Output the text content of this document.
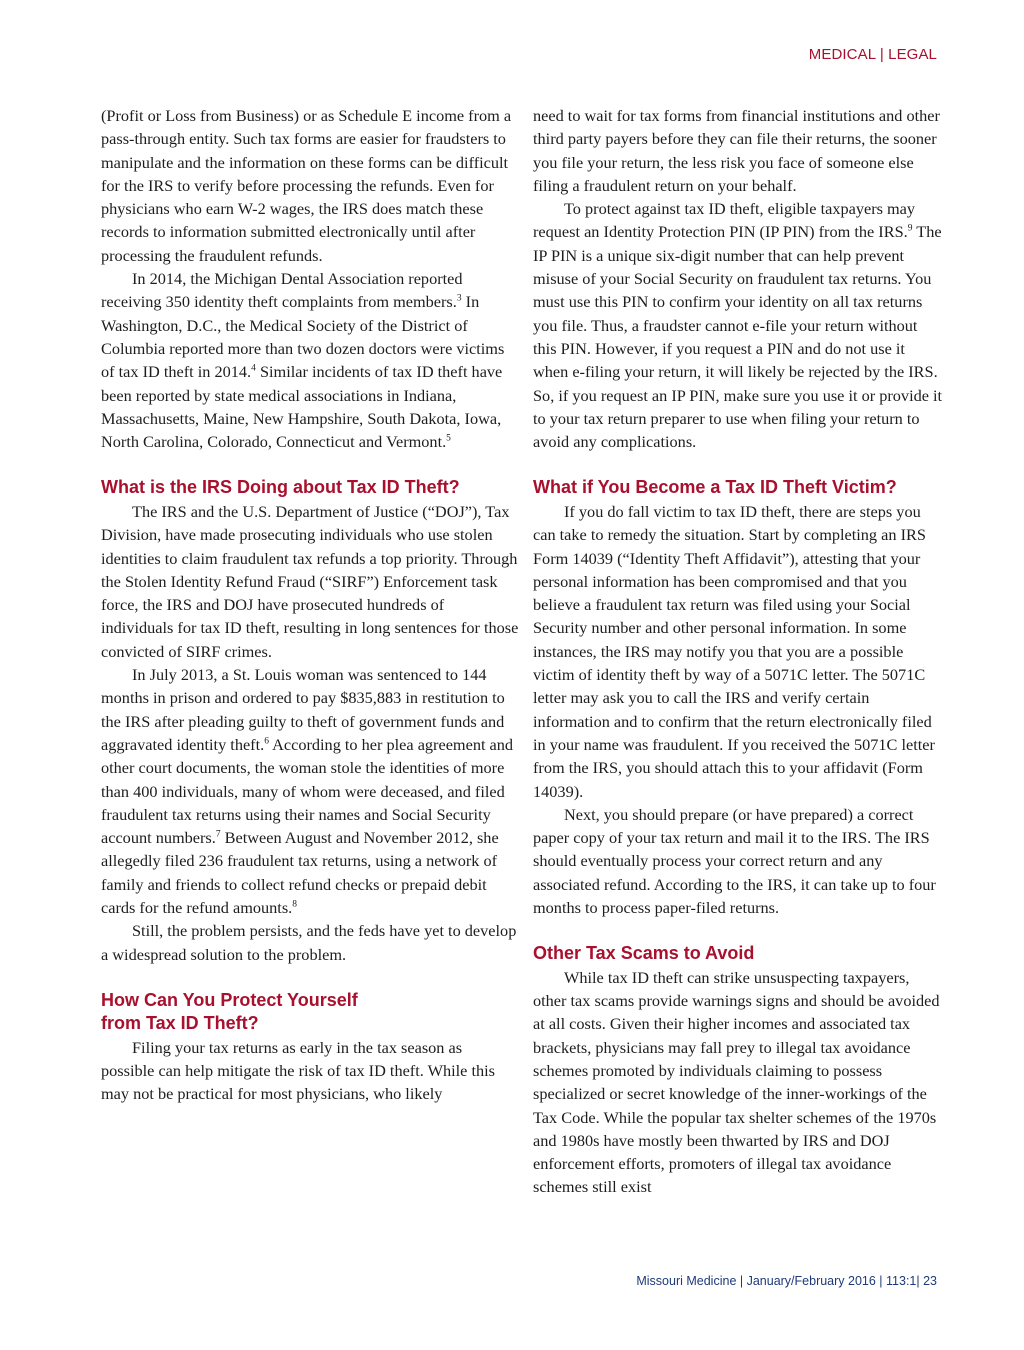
MEDICAL | LEGAL

(Profit or Loss from Business) or as Schedule E income from a pass-through entity. Such tax forms are easier for fraudsters to manipulate and the information on these forms can be difficult for the IRS to verify before processing the refunds. Even for physicians who earn W-2 wages, the IRS does match these records to information submitted electronically until after processing the fraudulent refunds.

In 2014, the Michigan Dental Association reported receiving 350 identity theft complaints from members.$^3$ In Washington, D.C., the Medical Society of the District of Columbia reported more than two dozen doctors were victims of tax ID theft in 2014.$^4$ Similar incidents of tax ID theft have been reported by state medical associations in Indiana, Massachusetts, Maine, New Hampshire, South Dakota, Iowa, North Carolina, Colorado, Connecticut and Vermont.$^5$

What is the IRS Doing about Tax ID Theft?

The IRS and the U.S. Department of Justice (“DOJ”), Tax Division, have made prosecuting individuals who use stolen identities to claim fraudulent tax refunds a top priority. Through the Stolen Identity Refund Fraud (“SIRF”) Enforcement task force, the IRS and DOJ have prosecuted hundreds of individuals for tax ID theft, resulting in long sentences for those convicted of SIRF crimes.

In July 2013, a St. Louis woman was sentenced to 144 months in prison and ordered to pay $835,883 in restitution to the IRS after pleading guilty to theft of government funds and aggravated identity theft.$^6$ According to her plea agreement and other court documents, the woman stole the identities of more than 400 individuals, many of whom were deceased, and filed fraudulent tax returns using their names and Social Security account numbers.$^7$ Between August and November 2012, she allegedly filed 236 fraudulent tax returns, using a network of family and friends to collect refund checks or prepaid debit cards for the refund amounts.$^8$

Still, the problem persists, and the feds have yet to develop a widespread solution to the problem.

How Can You Protect Yourself
from Tax ID Theft?

Filing your tax returns as early in the tax season as possible can help mitigate the risk of tax ID theft. While this may not be practical for most physicians, who likely

need to wait for tax forms from financial institutions and other third party payers before they can file their returns, the sooner you file your return, the less risk you face of someone else filing a fraudulent return on your behalf.

To protect against tax ID theft, eligible taxpayers may request an Identity Protection PIN (IP PIN) from the IRS.$^9$ The IP PIN is a unique six-digit number that can help prevent misuse of your Social Security on fraudulent tax returns. You must use this PIN to confirm your identity on all tax returns you file. Thus, a fraudster cannot e-file your return without this PIN. However, if you request a PIN and do not use it when e-filing your return, it will likely be rejected by the IRS. So, if you request an IP PIN, make sure you use it or provide it to your tax return preparer to use when filing your return to avoid any complications.

What if You Become a Tax ID Theft Victim?

If you do fall victim to tax ID theft, there are steps you can take to remedy the situation. Start by completing an IRS Form 14039 (“Identity Theft Affidavit”), attesting that your personal information has been compromised and that you believe a fraudulent tax return was filed using your Social Security number and other personal information. In some instances, the IRS may notify you that you are a possible victim of identity theft by way of a 5071C letter. The 5071C letter may ask you to call the IRS and verify certain information and to confirm that the return electronically filed in your name was fraudulent. If you received the 5071C letter from the IRS, you should attach this to your affidavit (Form 14039).

Next, you should prepare (or have prepared) a correct paper copy of your tax return and mail it to the IRS. The IRS should eventually process your correct return and any associated refund. According to the IRS, it can take up to four months to process paper-filed returns.

Other Tax Scams to Avoid

While tax ID theft can strike unsuspecting taxpayers, other tax scams provide warnings signs and should be avoided at all costs. Given their higher incomes and associated tax brackets, physicians may fall prey to illegal tax avoidance schemes promoted by individuals claiming to possess specialized or secret knowledge of the inner-workings of the Tax Code. While the popular tax shelter schemes of the 1970s and 1980s have mostly been thwarted by IRS and DOJ enforcement efforts, promoters of illegal tax avoidance schemes still exist

Missouri Medicine | January/February 2016 | 113:1| 23
